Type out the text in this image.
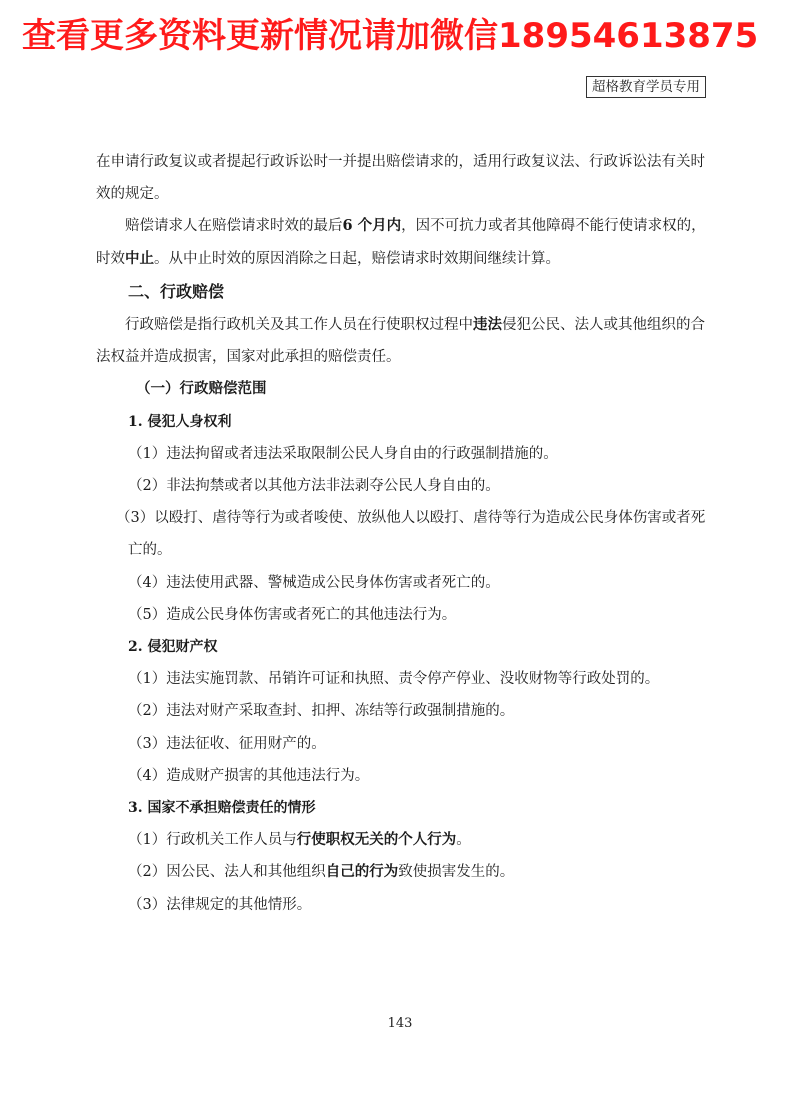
查看更多资料更新情况请加微信18954613875
超格教育学员专用

在申请行政复议或者提起行政诉讼时一并提出赔偿请求的，适用行政复议法、行政诉讼法有关时效的规定。

赔偿请求人在赔偿请求时效的最后6 个月内，因不可抗力或者其他障碍不能行使请求权的，时效中止。从中止时效的原因消除之日起，赔偿请求时效期间继续计算。

二、行政赔偿

行政赔偿是指行政机关及其工作人员在行使职权过程中违法侵犯公民、法人或其他组织的合法权益并造成损害，国家对此承担的赔偿责任。

（一）行政赔偿范围

1. 侵犯人身权利

（1）违法拘留或者违法采取限制公民人身自由的行政强制措施的。

（2）非法拘禁或者以其他方法非法剥夺公民人身自由的。

（3）以殴打、虐待等行为或者唆使、放纵他人以殴打、虐待等行为造成公民身体伤害或者死亡的。

（4）违法使用武器、警械造成公民身体伤害或者死亡的。

（5）造成公民身体伤害或者死亡的其他违法行为。

2. 侵犯财产权

（1）违法实施罚款、吊销许可证和执照、责令停产停业、没收财物等行政处罚的。

（2）违法对财产采取查封、扣押、冻结等行政强制措施的。

（3）违法征收、征用财产的。

（4）造成财产损害的其他违法行为。

3. 国家不承担赔偿责任的情形

（1）行政机关工作人员与行使职权无关的个人行为。

（2）因公民、法人和其他组织自己的行为致使损害发生的。

（3）法律规定的其他情形。

143
